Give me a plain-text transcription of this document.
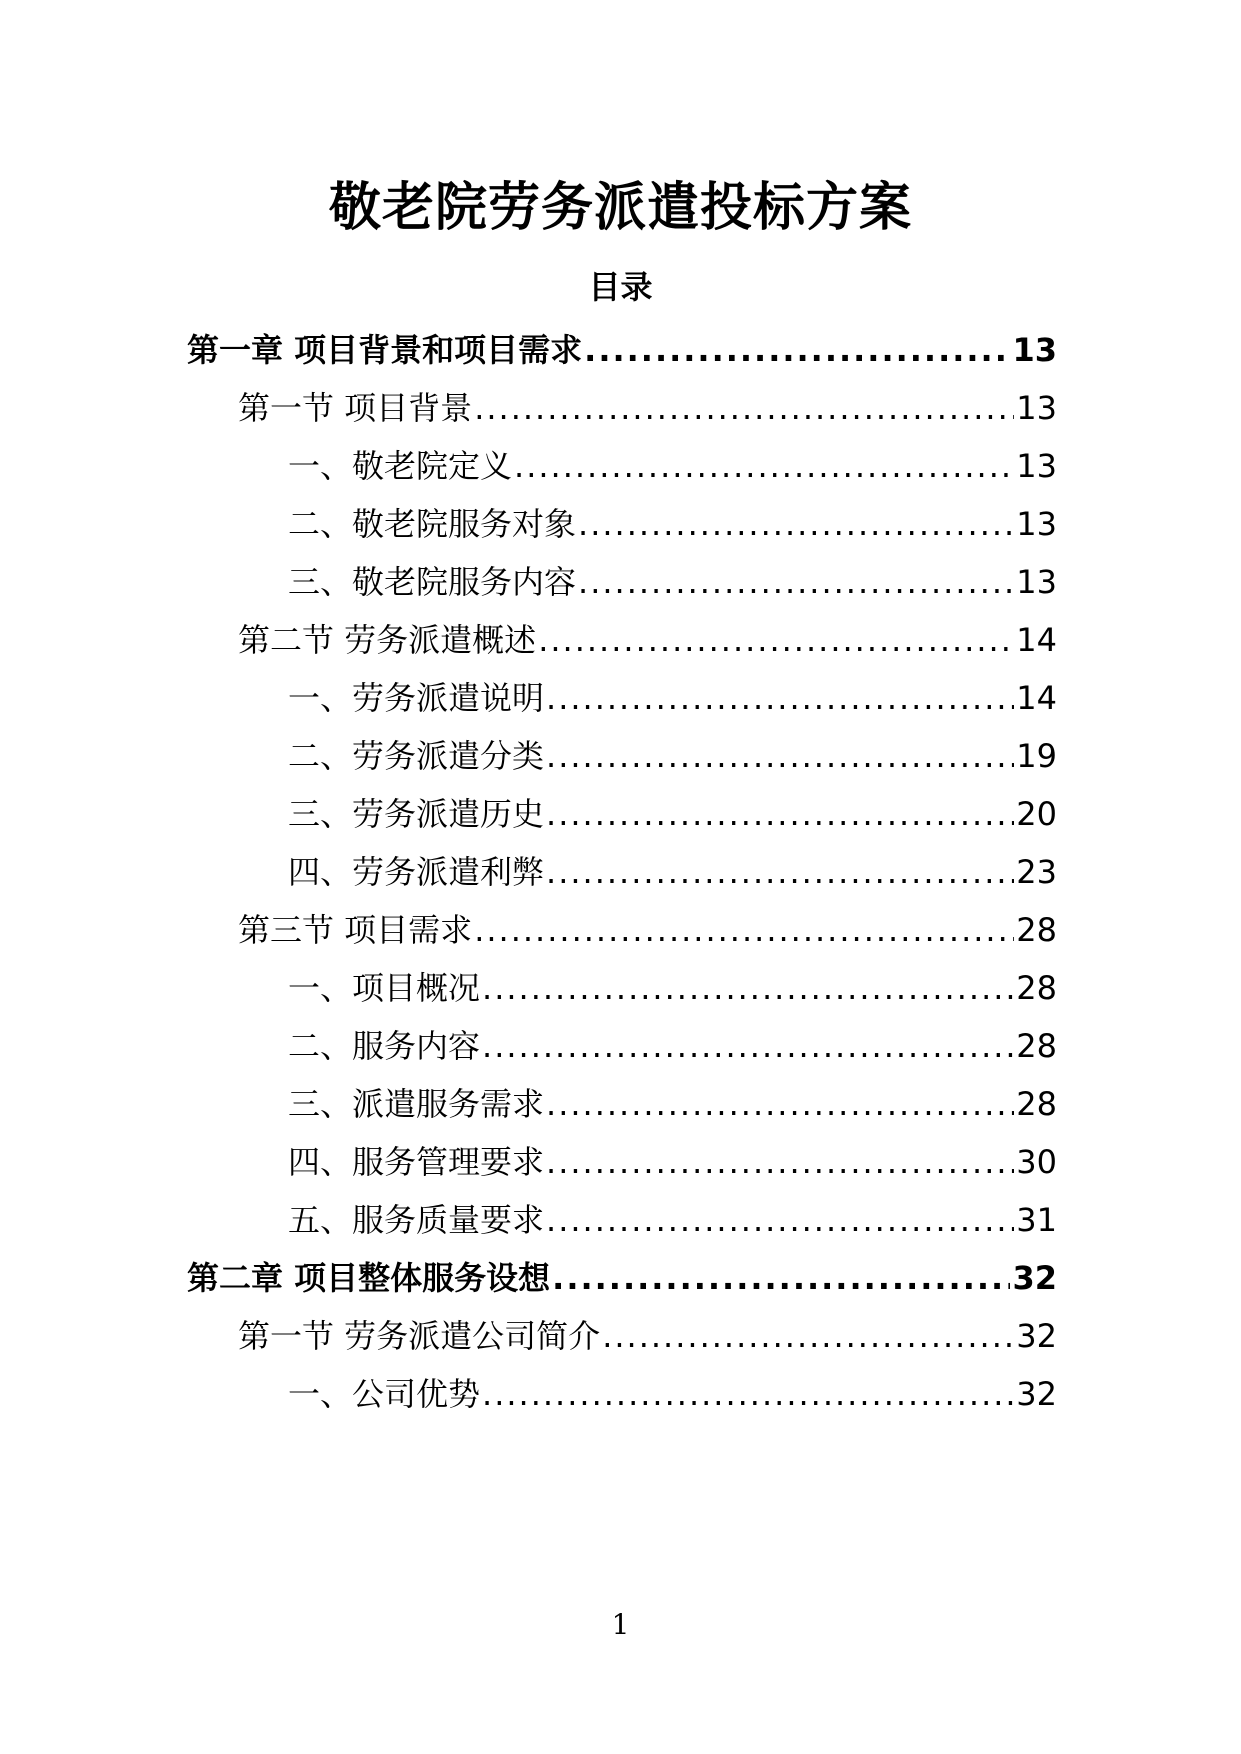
敬老院劳务派遣投标方案
目录
第一章 项目背景和项目需求 .....	13
第一节 项目背景 .....	13
一、敬老院定义 .....	13
二、敬老院服务对象 .....	13
三、敬老院服务内容 .....	13
第二节 劳务派遣概述 .....	14
一、劳务派遣说明 .....	14
二、劳务派遣分类 .....	19
三、劳务派遣历史 .....	20
四、劳务派遣利弊 .....	23
第三节 项目需求 .....	28
一、项目概况 .....	28
二、服务内容 .....	28
三、派遣服务需求 .....	28
四、服务管理要求 .....	30
五、服务质量要求 .....	31
第二章 项目整体服务设想 .....	32
第一节 劳务派遣公司简介 .....	32
一、公司优势 .....	32
1
